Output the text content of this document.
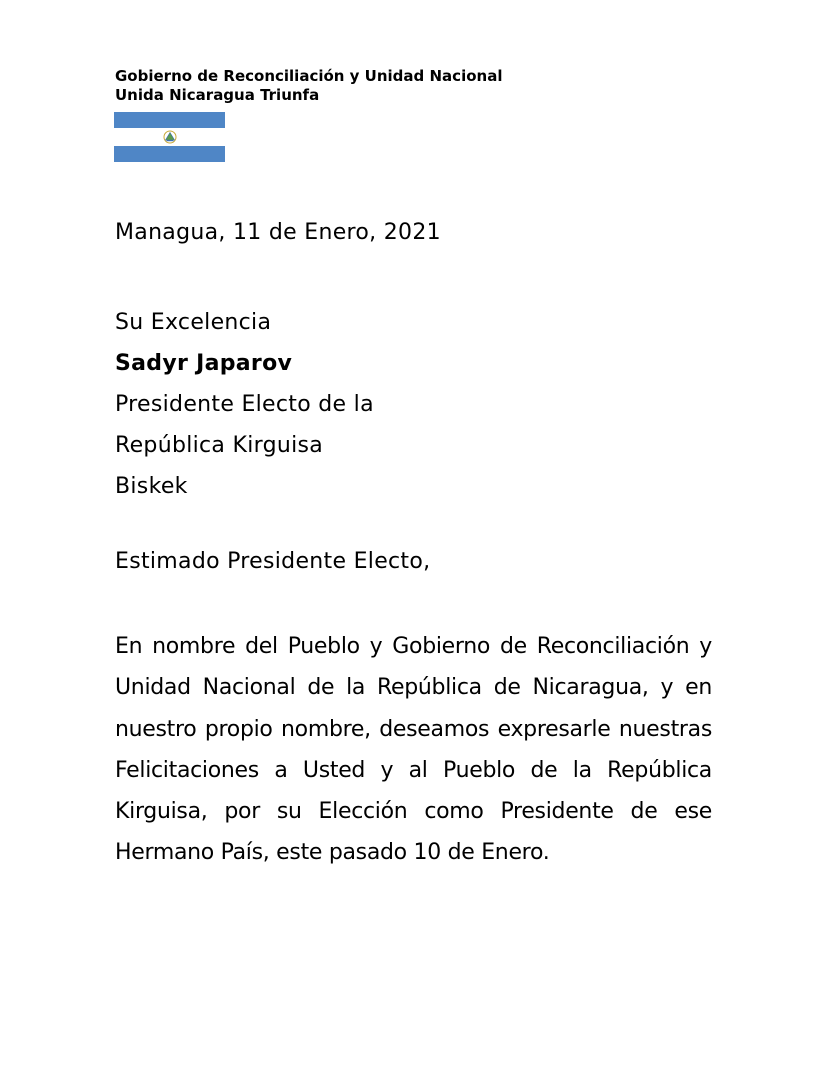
Gobierno de Reconciliación y Unidad Nacional
Unida Nicaragua Triunfa
Managua, 11 de Enero, 2021
Su Excelencia
Sadyr Japarov
Presidente Electo de la
República Kirguisa
Biskek
Estimado Presidente Electo,
En nombre del Pueblo y Gobierno de Reconciliación y Unidad Nacional de la República de Nicaragua, y en nuestro propio nombre, deseamos expresarle nuestras Felicitaciones a Usted y al Pueblo de la República Kirguisa, por su Elección como Presidente de ese Hermano País, este pasado 10 de Enero.
